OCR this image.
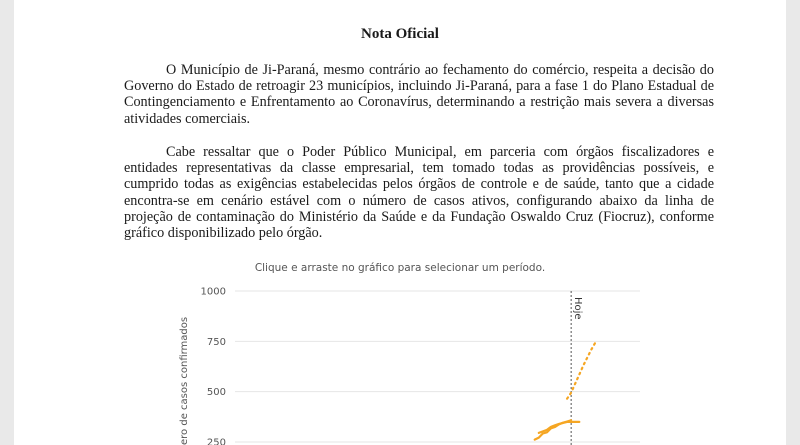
Nota Oficial

O Município de Ji-Paraná, mesmo contrário ao fechamento do comércio, respeita a decisão do Governo do Estado de retroagir 23 municípios, incluindo Ji-Paraná, para a fase 1 do Plano Estadual de Contingenciamento e Enfrentamento ao Coronavírus, determinando a restrição mais severa a diversas atividades comerciais.

Cabe ressaltar que o Poder Público Municipal, em parceria com órgãos fiscalizadores e entidades representativas da classe empresarial, tem tomado todas as providências possíveis, e cumprido todas as exigências estabelecidas pelos órgãos de controle e de saúde, tanto que a cidade encontra-se em cenário estável com o número de casos ativos, configurando abaixo da linha de projeção de contaminação do Ministério da Saúde e da Fundação Oswaldo Cruz (Fiocruz), conforme gráfico disponibilizado pelo órgão.

Clique e arraste no gráfico para selecionar um período.
1000
750
500
250
ero de casos confirmados
Hoje
